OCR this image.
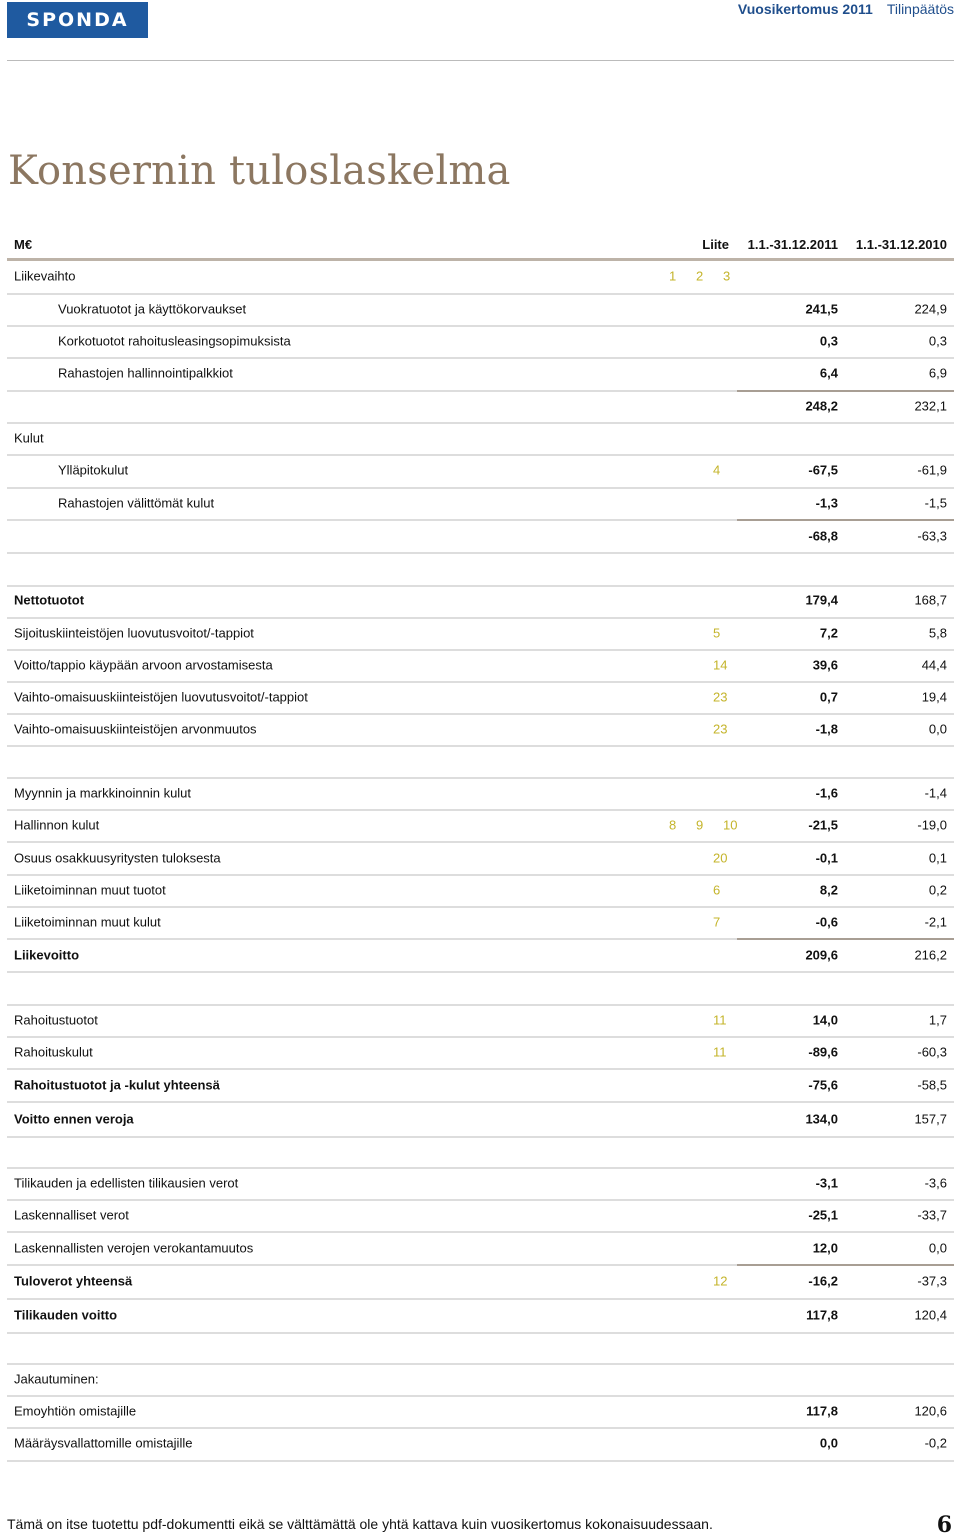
SPONDA	Vuosikertomus 2011 Tilinpäätös
Konsernin tuloslaskelma
M€	Liite 1.1.-31.12.2011 1.1.-31.12.2010
Liikevaihto	1 2 3
Vuokratuotot ja käyttökorvaukset	241,5	224,9
Korkotuotot rahoitusleasingsopimuksista	0,3	0,3
Rahastojen hallinnointipalkkiot	6,4	6,9
248,2	232,1
Kulut
Ylläpitokulut	4	-67,5	-61,9
Rahastojen välittömät kulut	-1,3	-1,5
-68,8	-63,3
Nettotuotot	179,4	168,7
Sijoituskiinteistöjen luovutusvoitot/-tappiot	5	7,2	5,8
Voitto/tappio käypään arvoon arvostamisesta	14	39,6	44,4
Vaihto-omaisuuskiinteistöjen luovutusvoitot/-tappiot	23	0,7	19,4
Vaihto-omaisuuskiinteistöjen arvonmuutos	23	-1,8	0,0
Myynnin ja markkinoinnin kulut	-1,6	-1,4
Hallinnon kulut	8 9 10	-21,5	-19,0
Osuus osakkuusyritysten tuloksesta	20	-0,1	0,1
Liiketoiminnan muut tuotot	6	8,2	0,2
Liiketoiminnan muut kulut	7	-0,6	-2,1
Liikevoitto	209,6	216,2
Rahoitustuotot	11	14,0	1,7
Rahoituskulut	11	-89,6	-60,3
Rahoitustuotot ja -kulut yhteensä	-75,6	-58,5
Voitto ennen veroja	134,0	157,7
Tilikauden ja edellisten tilikausien verot	-3,1	-3,6
Laskennalliset verot	-25,1	-33,7
Laskennallisten verojen verokantamuutos	12,0	0,0
Tuloverot yhteensä	12	-16,2	-37,3
Tilikauden voitto	117,8	120,4
Jakautuminen:
Emoyhtiön omistajille	117,8	120,6
Määräysvallattomille omistajille	0,0	-0,2
Tämä on itse tuotettu pdf-dokumentti eikä se välttämättä ole yhtä kattava kuin vuosikertomus kokonaisuudessaan.	6
